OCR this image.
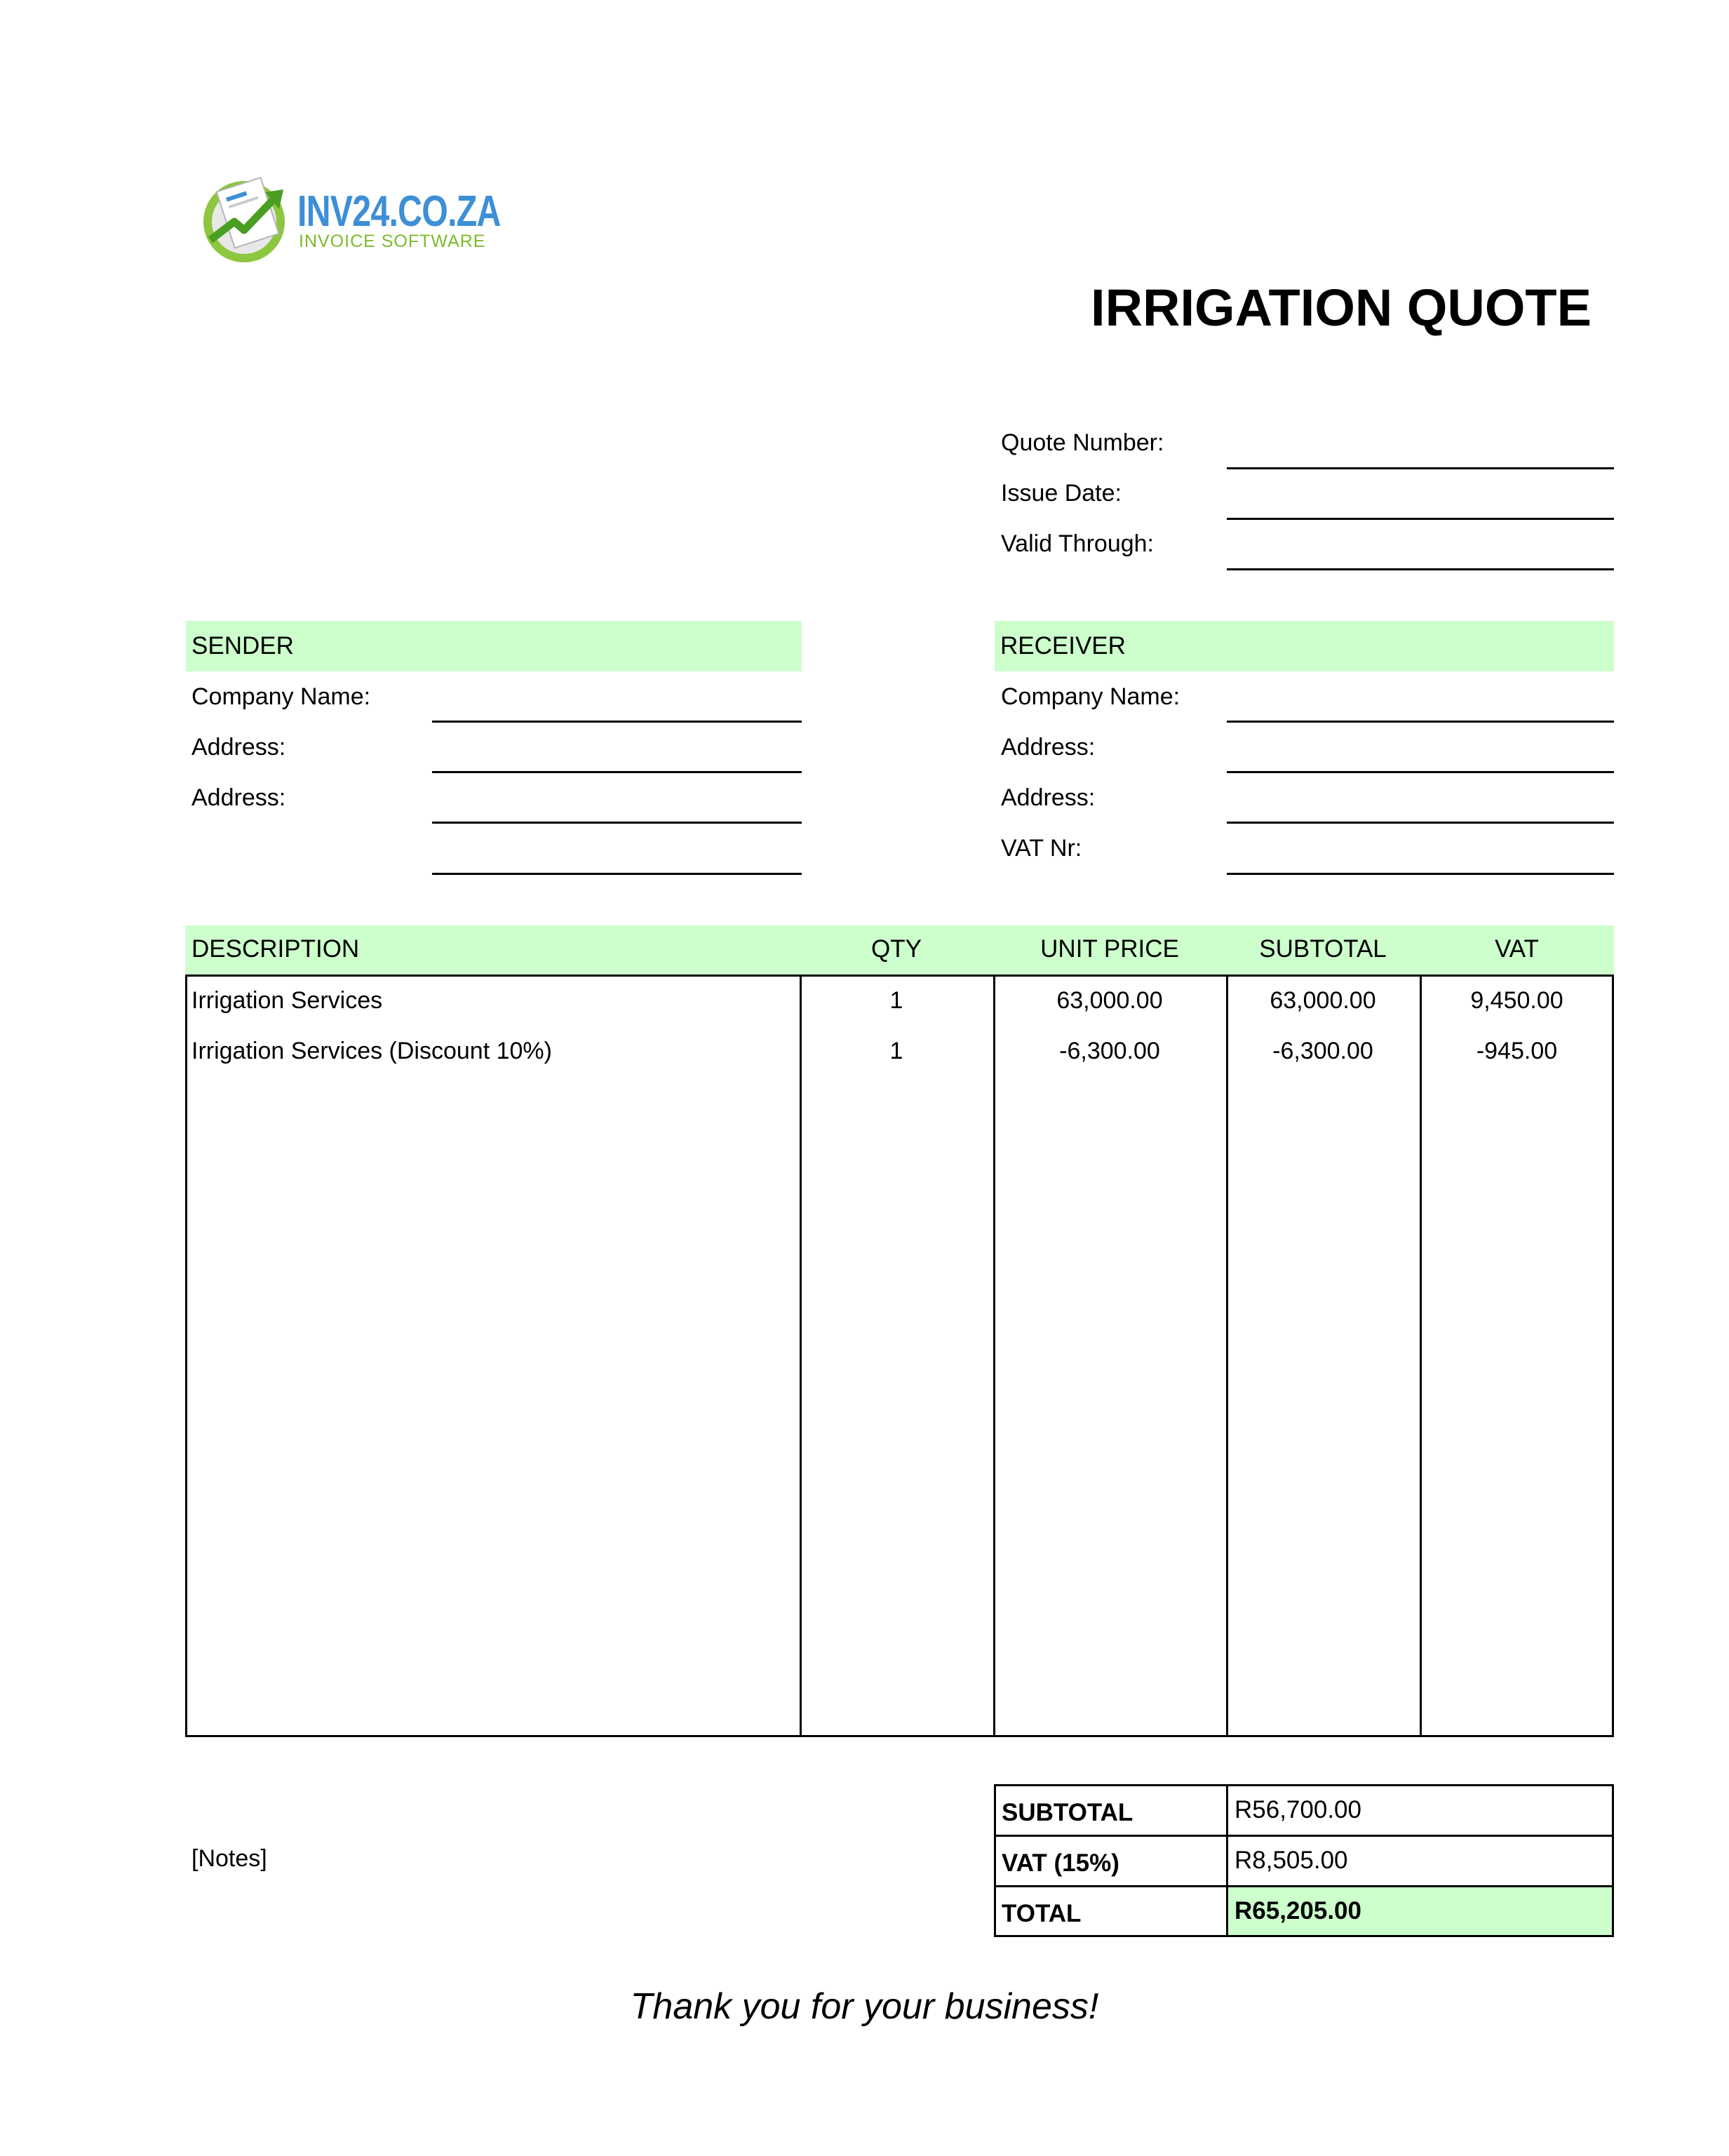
INV24.CO.ZA
INVOICE SOFTWARE
IRRIGATION QUOTE
Quote Number:
Issue Date:
Valid Through:
SENDER
Company Name:
Address:
Address:
RECEIVER
Company Name:
Address:
Address:
VAT Nr:
DESCRIPTION	QTY	UNIT PRICE	SUBTOTAL	VAT
Irrigation Services	1	63,000.00	63,000.00	9,450.00
Irrigation Services (Discount 10%)	1	-6,300.00	-6,300.00	-945.00
[Notes]
SUBTOTAL	R56,700.00
VAT (15%)	R8,505.00
TOTAL	R65,205.00
Thank you for your business!
